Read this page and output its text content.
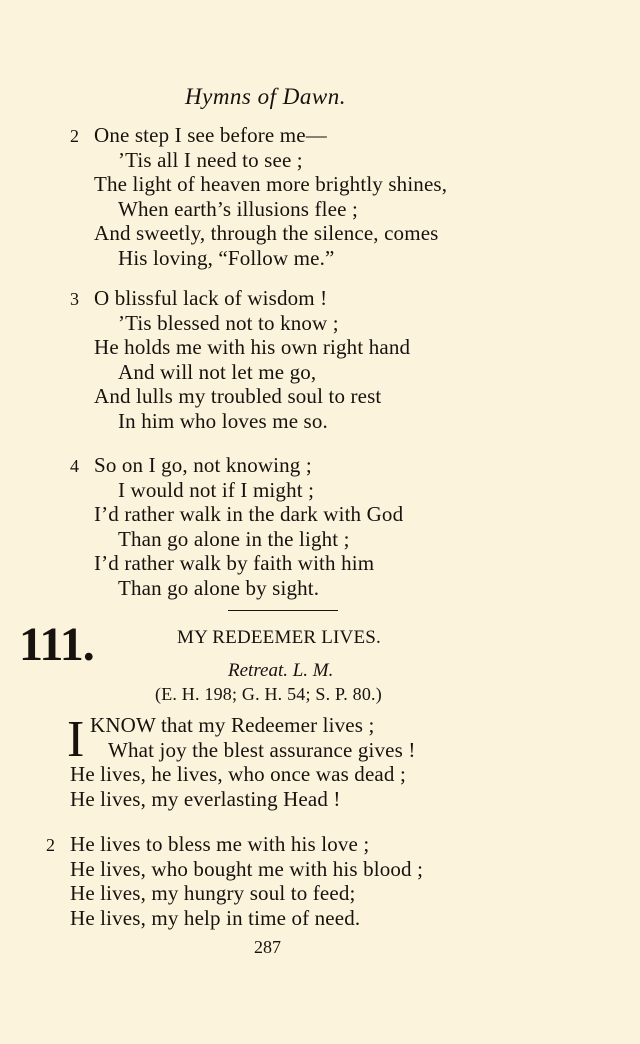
Hymns of Dawn.
2 One step I see before me—
’Tis all I need to see ;
The light of heaven more brightly shines,
When earth’s illusions flee ;
And sweetly, through the silence, comes
His loving, “Follow me.”
3 O blissful lack of wisdom !
’Tis blessed not to know ;
He holds me with his own right hand
And will not let me go,
And lulls my troubled soul to rest
In him who loves me so.
4 So on I go, not knowing ;
I would not if I might ;
I’d rather walk in the dark with God
Than go alone in the light ;
I’d rather walk by faith with him
Than go alone by sight.
111.	MY REDEEMER LIVES.
Retreat. L. M.
(E. H. 198; G. H. 54; S. P. 80.)
I KNOW that my Redeemer lives ;
What joy the blest assurance gives !
He lives, he lives, who once was dead ;
He lives, my everlasting Head !
2 He lives to bless me with his love ;
He lives, who bought me with his blood ;
He lives, my hungry soul to feed;
He lives, my help in time of need.
287
